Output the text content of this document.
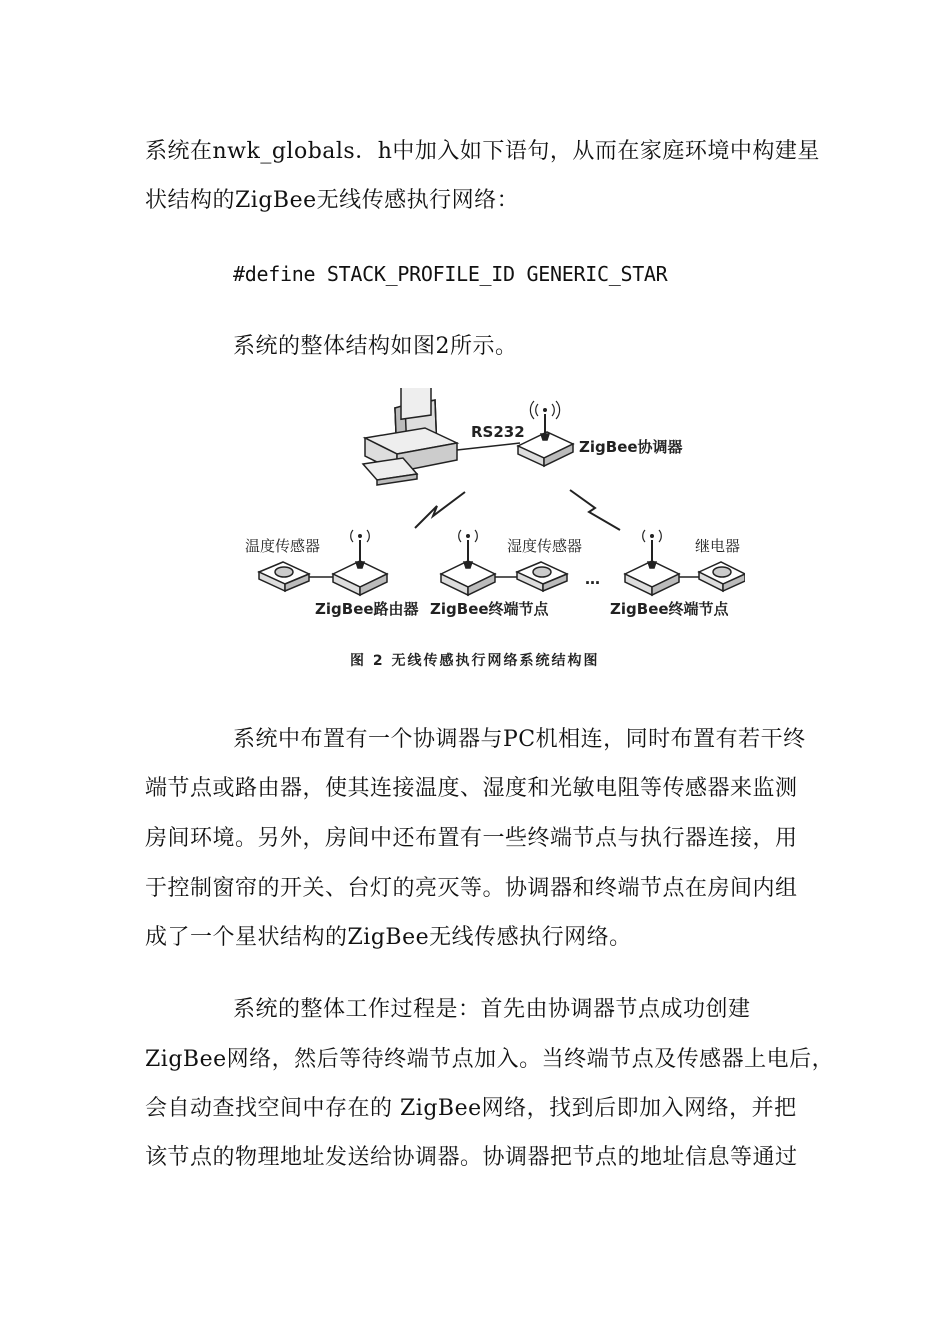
系统在nwk_globals．h中加入如下语句，从而在家庭环境中构建星
状结构的ZigBee无线传感执行网络：
#define STACK_PROFILE_ID GENERIC_STAR
系统的整体结构如图2所示。
RS232
ZigBee协调器
温度传感器
ZigBee路由器
湿度传感器
ZigBee终端节点
…
继电器
ZigBee终端节点
图 2 无线传感执行网络系统结构图
系统中布置有一个协调器与PC机相连，同时布置有若干终
端节点或路由器，使其连接温度、湿度和光敏电阻等传感器来监测
房间环境。另外，房间中还布置有一些终端节点与执行器连接，用
于控制窗帘的开关、台灯的亮灭等。协调器和终端节点在房间内组
成了一个星状结构的ZigBee无线传感执行网络。
系统的整体工作过程是：首先由协调器节点成功创建
ZigBee网络，然后等待终端节点加入。当终端节点及传感器上电后，
会自动查找空间中存在的 ZigBee网络，找到后即加入网络，并把
该节点的物理地址发送给协调器。协调器把节点的地址信息等通过
